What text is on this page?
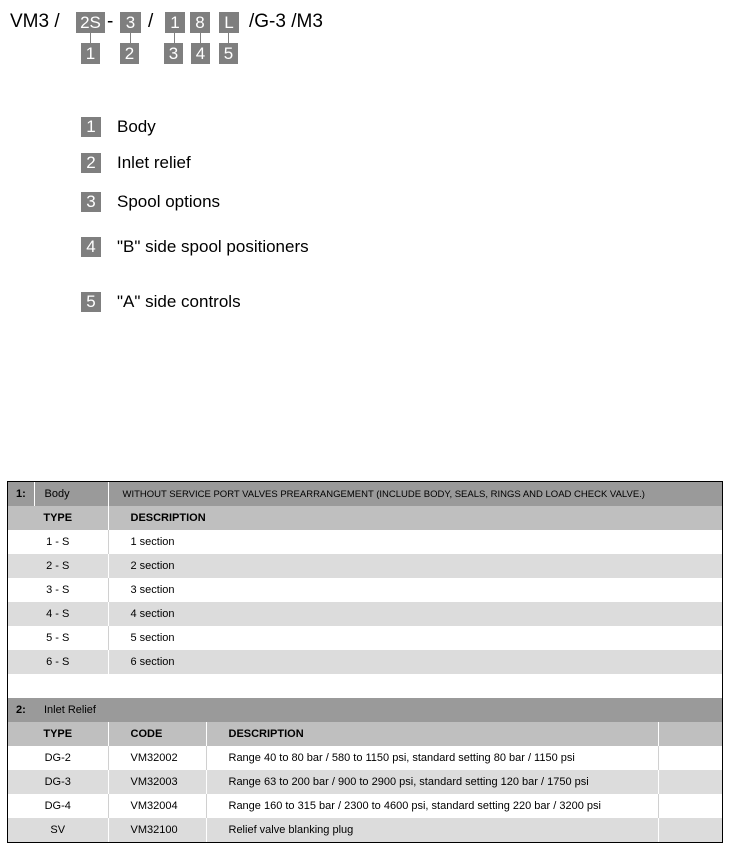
VM3 / 2S - 3 / 1 8	L /G-3 /M3
1 2 3 4 5
1	Body
2	Inlet relief
3	Spool options
4	"B" side spool positioners
5	"A" side controls
1:	Body	WITHOUT SERVICE PORT VALVES PREARRANGEMENT (INCLUDE BODY, SEALS, RINGS AND LOAD CHECK VALVE.)
TYPE	DESCRIPTION
1 - S	1 section
2 - S	2 section
3 - S	3 section
4 - S	4 section
5 - S	5 section
6 - S	6 section

2:	Inlet Relief
TYPE	CODE	DESCRIPTION	
DG-2	VM32002	Range 40 to 80 bar / 580 to 1150 psi, standard setting 80 bar / 1150 psi	
DG-3	VM32003	Range 63 to 200 bar / 900 to 2900 psi, standard setting 120 bar / 1750 psi	
DG-4	VM32004	Range 160 to 315 bar / 2300 to 4600 psi, standard setting 220 bar / 3200 psi	
SV	VM32100	Relief valve blanking plug	
